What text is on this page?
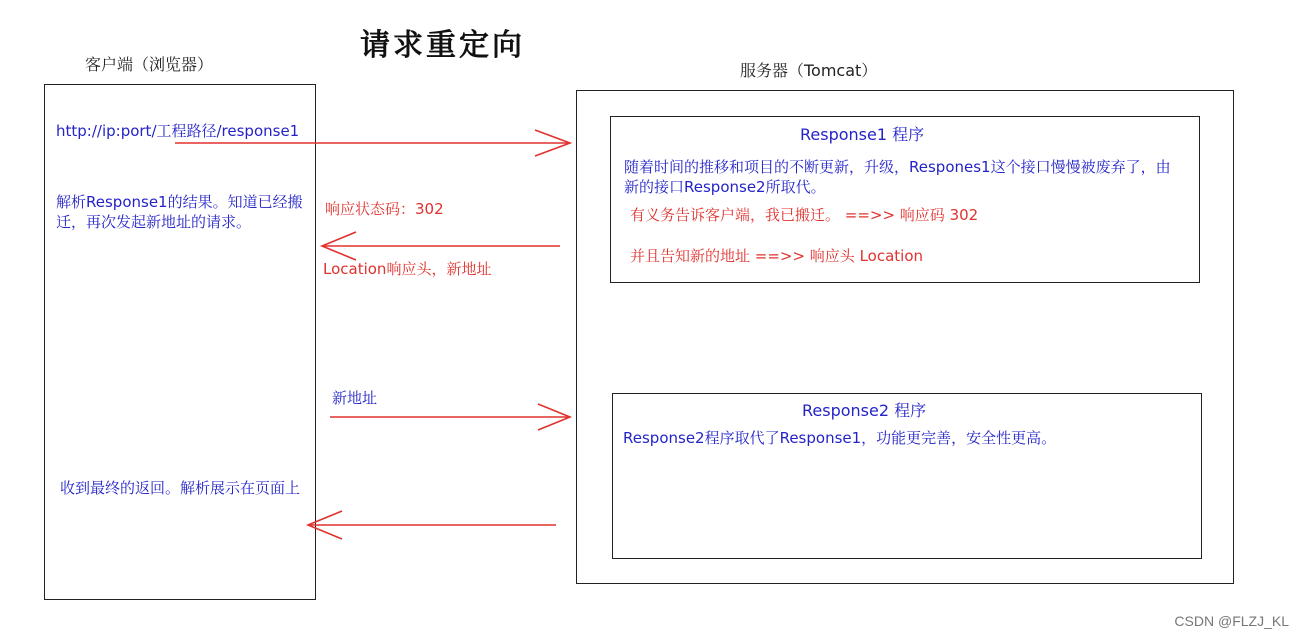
请求重定向
客户端（浏览器）
http://ip:port/工程路径/response1
解析Response1的结果。知道已经搬迁，再次发起新地址的请求。
收到最终的返回。解析展示在页面上
服务器（Tomcat）
Response1 程序
随着时间的推移和项目的不断更新，升级，Respones1这个接口慢慢被废弃了，由新的接口Response2所取代。
有义务告诉客户端，我已搬迁。 ==>> 响应码 302
并且告知新的地址 ==>> 响应头 Location
Response2 程序
Response2程序取代了Response1，功能更完善，安全性更高。
响应状态码：302
Location响应头，新地址
新地址
CSDN @FLZJ_KL
